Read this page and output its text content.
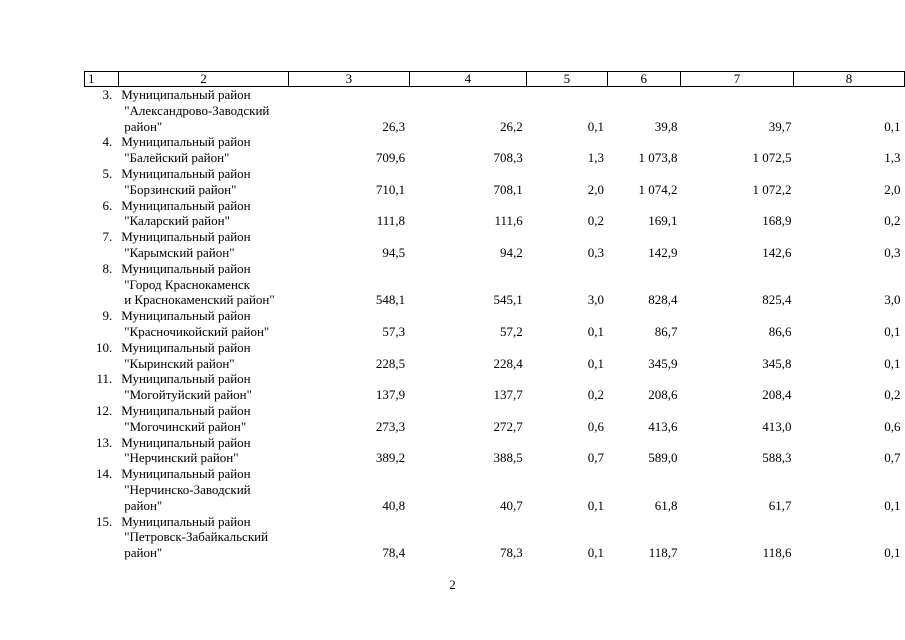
1	2	3	4	5	6	7	8
3.	Муниципальный район
"Александрово-Заводский
район"	26,3	26,2	0,1	39,8	39,7	0,1
4.	Муниципальный район
"Балейский район"	709,6	708,3	1,3	1 073,8	1 072,5	1,3
5.	Муниципальный район
"Борзинский район"	710,1	708,1	2,0	1 074,2	1 072,2	2,0
6.	Муниципальный район
"Каларский район"	111,8	111,6	0,2	169,1	168,9	0,2
7.	Муниципальный район
"Карымский район"	94,5	94,2	0,3	142,9	142,6	0,3
8.	Муниципальный район
"Город Краснокаменск
и Краснокаменский район"	548,1	545,1	3,0	828,4	825,4	3,0
9.	Муниципальный район
"Красночикойский район"	57,3	57,2	0,1	86,7	86,6	0,1
10.	Муниципальный район
"Кыринский район"	228,5	228,4	0,1	345,9	345,8	0,1
11.	Муниципальный район
"Могойтуйский район"	137,9	137,7	0,2	208,6	208,4	0,2
12.	Муниципальный район
"Могочинский район"	273,3	272,7	0,6	413,6	413,0	0,6
13.	Муниципальный район
"Нерчинский район"	389,2	388,5	0,7	589,0	588,3	0,7
14.	Муниципальный район
"Нерчинско-Заводский
район"	40,8	40,7	0,1	61,8	61,7	0,1
15.	Муниципальный район
"Петровск-Забайкальский
район"	78,4	78,3	0,1	118,7	118,6	0,1
2
